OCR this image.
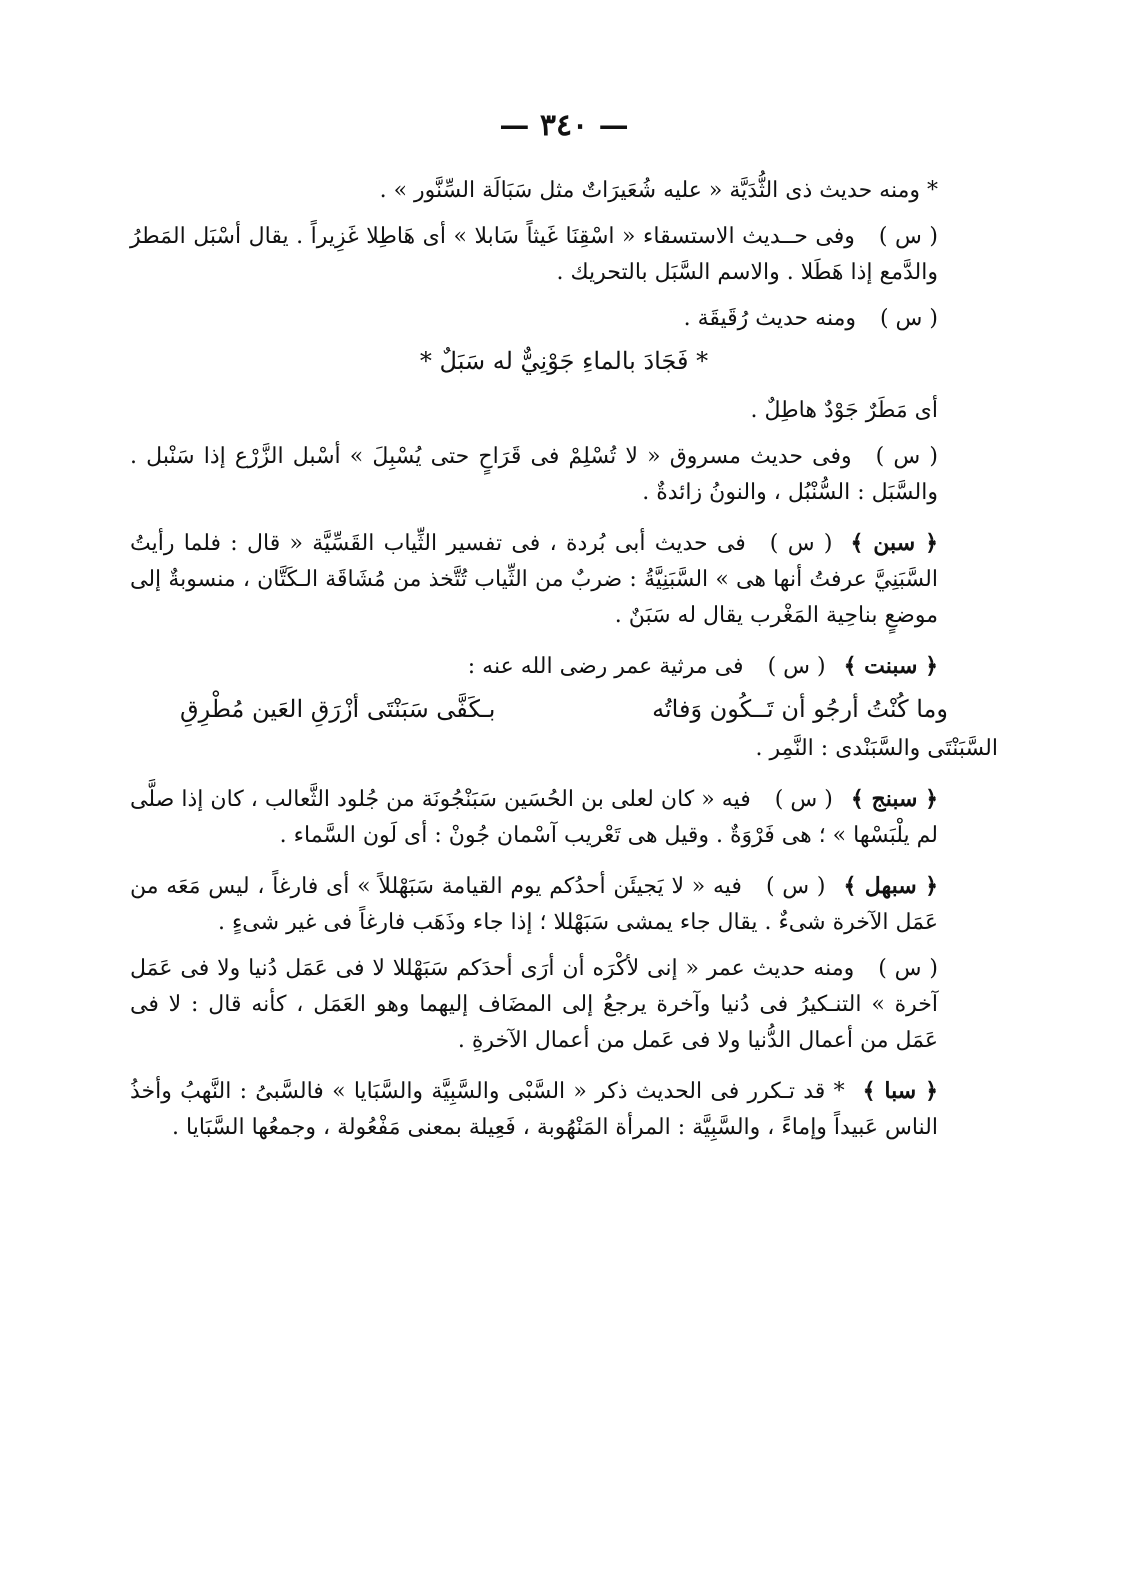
— ٣٤٠ —

* ومنه حديث ذى الثُّدَيَّة « عليه شُعَيرَاتٌ مثل سَبَالَة السِّنَّور » .

( س )وفى حــديث الاستسقاء « اسْقِنَا غَيثاً سَابلا » أى هَاطِلا غَزِيراً . يقال أسْبَل المَطرُ والدَّمع إذا هَطَلا . والاسم السَّبَل بالتحريك .

( س )ومنه حديث رُقَيقَة .

* فَجَادَ بالماءِ جَوْنِيٌّ له سَبَلٌ *

أى مَطَرٌ جَوْدٌ هاطِلٌ .

( س )وفى حديث مسروق « لا تُسْلِمْ فى قَرَاحٍ حتى يُسْبِلَ » أسْبل الزَّرْع إذا سَنْبل . والسَّبَل : السُّنْبُل ، والنونُ زائدةٌ .

﴿ سبن ﴾( س )فى حديث أبى بُردة ، فى تفسير الثِّياب القَسِّيَّة « قال : فلما رأيتُ السَّبَنِيَّ عرفتُ أنها هى » السَّبَنِيَّةُ : ضربٌ من الثِّياب تُتَّخذ من مُشَاقَة الـكَتَّان ، منسوبةٌ إلى موضعٍ بناحِية المَغْرب يقال له سَبَنٌ .

﴿ سبنت ﴾( س )فى مرثية عمر رضى الله عنه :

وما كُنْتُ أرجُو أن تَــكُون وَفاتُه
بـكَفَّى سَبَنْتَى أزْرَقِ العَين مُطْرِقِ

السَّبَنْتَى والسَّبَنْدى : النَّمِر .

﴿ سبنج ﴾( س )فيه « كان لعلى بن الحُسَين سَبَنْجُونَة من جُلود الثَّعالب ، كان إذا صلَّى لم يلْبَسْها » ؛ هى فَرْوَةٌ . وقيل هى تَعْريب آسْمان جُونْ : أى لَون السَّماء .

﴿ سبهل ﴾( س )فيه « لا يَجيئَن أحدُكم يوم القيامة سَبَهْللاً » أى فارغاً ، ليس مَعَه من عَمَل الآخرة شىءٌ . يقال جاء يمشى سَبَهْللا ؛ إذا جاء وذَهَب فارغاً فى غير شىءٍ .

( س )ومنه حديث عمر « إنى لأكْرَه أن أرَى أحدَكم سَبَهْللا لا فى عَمَل دُنيا ولا فى عَمَل آخرة » التنـكيرُ فى دُنيا وآخرة يرجعُ إلى المضَاف إليهما وهو العَمَل ، كأنه قال : لا فى عَمَل من أعمال الدُّنيا ولا فى عَمل من أعمال الآخرةِ .

﴿ سبا ﴾* قد تـكرر فى الحديث ذكر « السَّبْى والسَّبِيَّة والسَّبَايا » فالسَّبىُ : النَّهبُ وأخذُ الناس عَبيداً وإماءً ، والسَّبِيَّة : المرأة المَنْهُوبة ، فَعِيلة بمعنى مَفْعُولة ، وجمعُها السَّبَايا .
